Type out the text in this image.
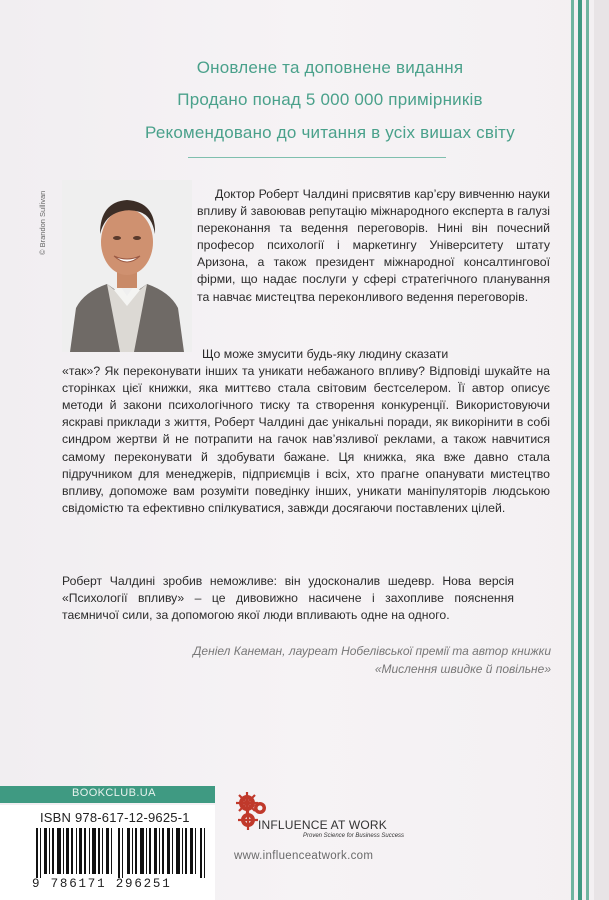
Оновлене та доповнене видання
Продано понад 5 000 000 примірників
Рекомендовано до читання в усіх вишах світу
© Brandon Sullivan	Доктор Роберт Чалдині присвятив кар’єру вивченню науки впливу й завоював репутацію міжнародного експерта в галузі переконання та ведення переговорів. Нині він почесний професор психології і маркетингу Університету штату Аризона, а також президент міжнародної консалтингової фірми, що надає послуги у сфері стратегічного планування та навчає мистецтва переконливого ведення переговорів.
Що може змусити будь-яку людину сказати
«так»? Як переконувати інших та уникати небажаного впливу? Відповіді шукайте на сторінках цієї книжки, яка миттєво стала світовим бестселером. Її автор описує методи й закони психологічного тиску та створення конкуренції. Використовуючи яскраві приклади з життя, Роберт Чалдині дає унікальні поради, як викорінити в собі синдром жертви й не потрапити на гачок нав’язливої реклами, а також навчитися самому переконувати й здобувати бажане. Ця книжка, яка вже давно стала підручником для менеджерів, підприємців і всіх, хто прагне опанувати мистецтво впливу, допоможе вам розуміти поведінку інших, уникати маніпуляторів людською свідомістю та ефективно спілкуватися, завжди досягаючи поставлених цілей.
Роберт Чалдині зробив неможливе: він удосконалив шедевр. Нова версія «Психології впливу» – це дивовижно насичене і захопливе пояснення таємничої сили, за допомогою якої люди впливають одне на одного.
Деніел Канеман, лауреат Нобелівської премії та автор книжки
«Мислення швидке й повільне»
BOOKCLUB.UA
ISBN 978-617-12-9625-1
9 786171 296251
INFLUENCE AT WORK
Proven Science for Business Success
www.influenceatwork.com
